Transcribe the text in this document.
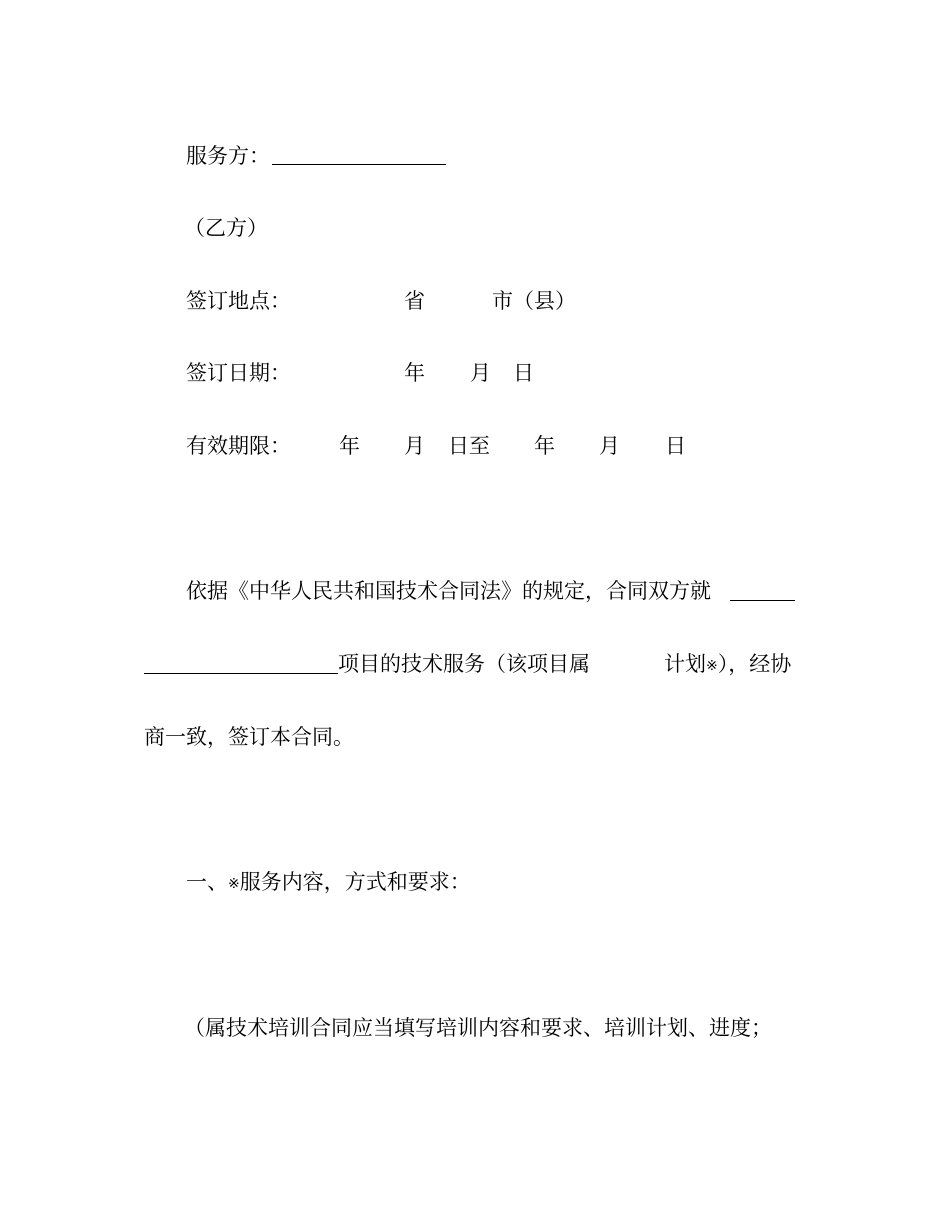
服务方：
（乙方）
签订地点：	省	市（县）
签订日期：	年 月 日
有效期限： 年 月 日至 年 月 日
依据《中华人民共和国技术合同法》的规定，合同双方就
项目的技术服务（该项目属	计划※），经协
商一致，签订本合同。
一、※服务内容，方式和要求：
（属技术培训合同应当填写培训内容和要求、培训计划、进度；
